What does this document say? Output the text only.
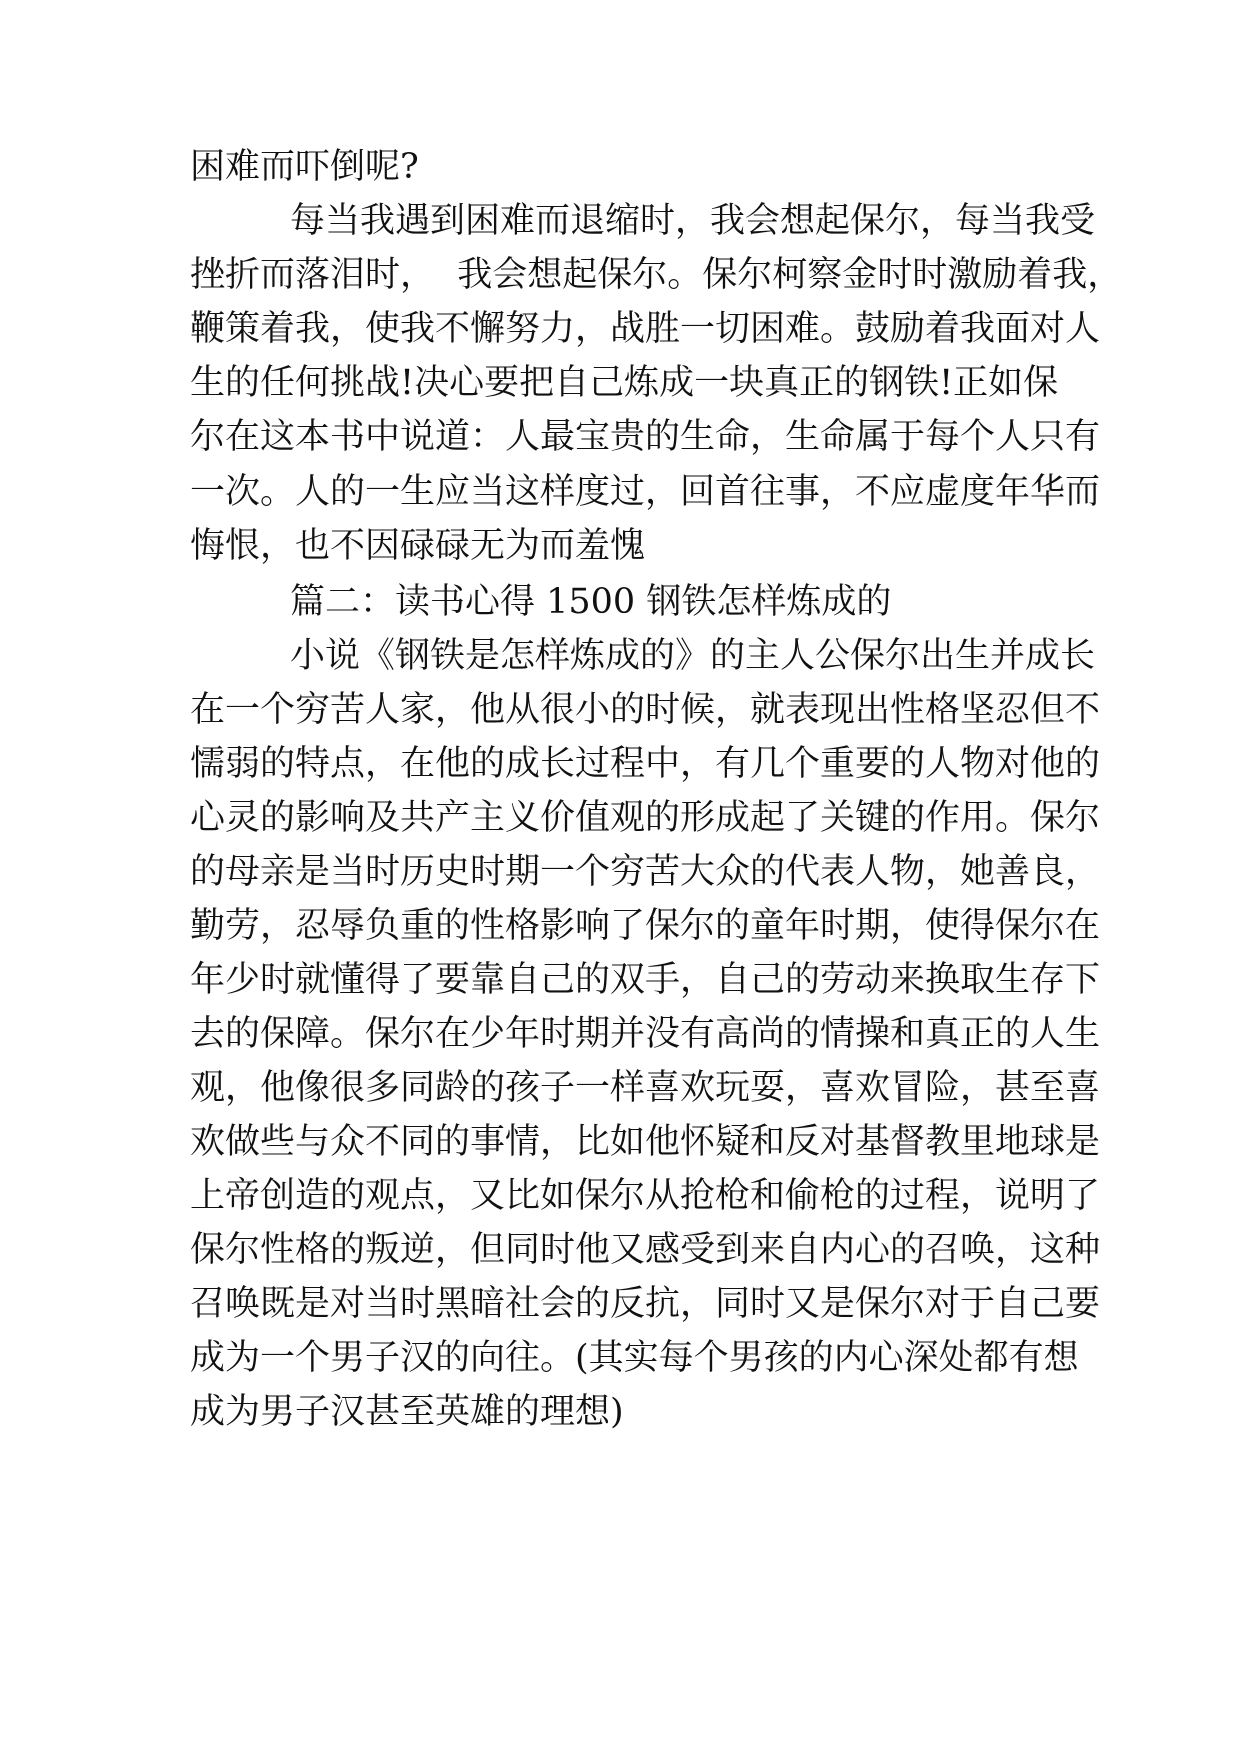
困难而吓倒呢?
每当我遇到困难而退缩时，我会想起保尔，每当我受
挫折而落泪时，  我会想起保尔。保尔柯察金时时激励着我，
鞭策着我，使我不懈努力，战胜一切困难。鼓励着我面对人
生的任何挑战!决心要把自己炼成一块真正的钢铁!正如保
尔在这本书中说道：人最宝贵的生命，生命属于每个人只有
一次。人的一生应当这样度过，回首往事，不应虚度年华而
悔恨，也不因碌碌无为而羞愧
篇二：读书心得 1500 钢铁怎样炼成的
小说《钢铁是怎样炼成的》的主人公保尔出生并成长
在一个穷苦人家，他从很小的时候，就表现出性格坚忍但不
懦弱的特点，在他的成长过程中，有几个重要的人物对他的
心灵的影响及共产主义价值观的形成起了关键的作用。保尔
的母亲是当时历史时期一个穷苦大众的代表人物，她善良，
勤劳，忍辱负重的性格影响了保尔的童年时期，使得保尔在
年少时就懂得了要靠自己的双手，自己的劳动来换取生存下
去的保障。保尔在少年时期并没有高尚的情操和真正的人生
观，他像很多同龄的孩子一样喜欢玩耍，喜欢冒险，甚至喜
欢做些与众不同的事情，比如他怀疑和反对基督教里地球是
上帝创造的观点，又比如保尔从抢枪和偷枪的过程，说明了
保尔性格的叛逆，但同时他又感受到来自内心的召唤，这种
召唤既是对当时黑暗社会的反抗，同时又是保尔对于自己要
成为一个男子汉的向往。(其实每个男孩的内心深处都有想
成为男子汉甚至英雄的理想)
